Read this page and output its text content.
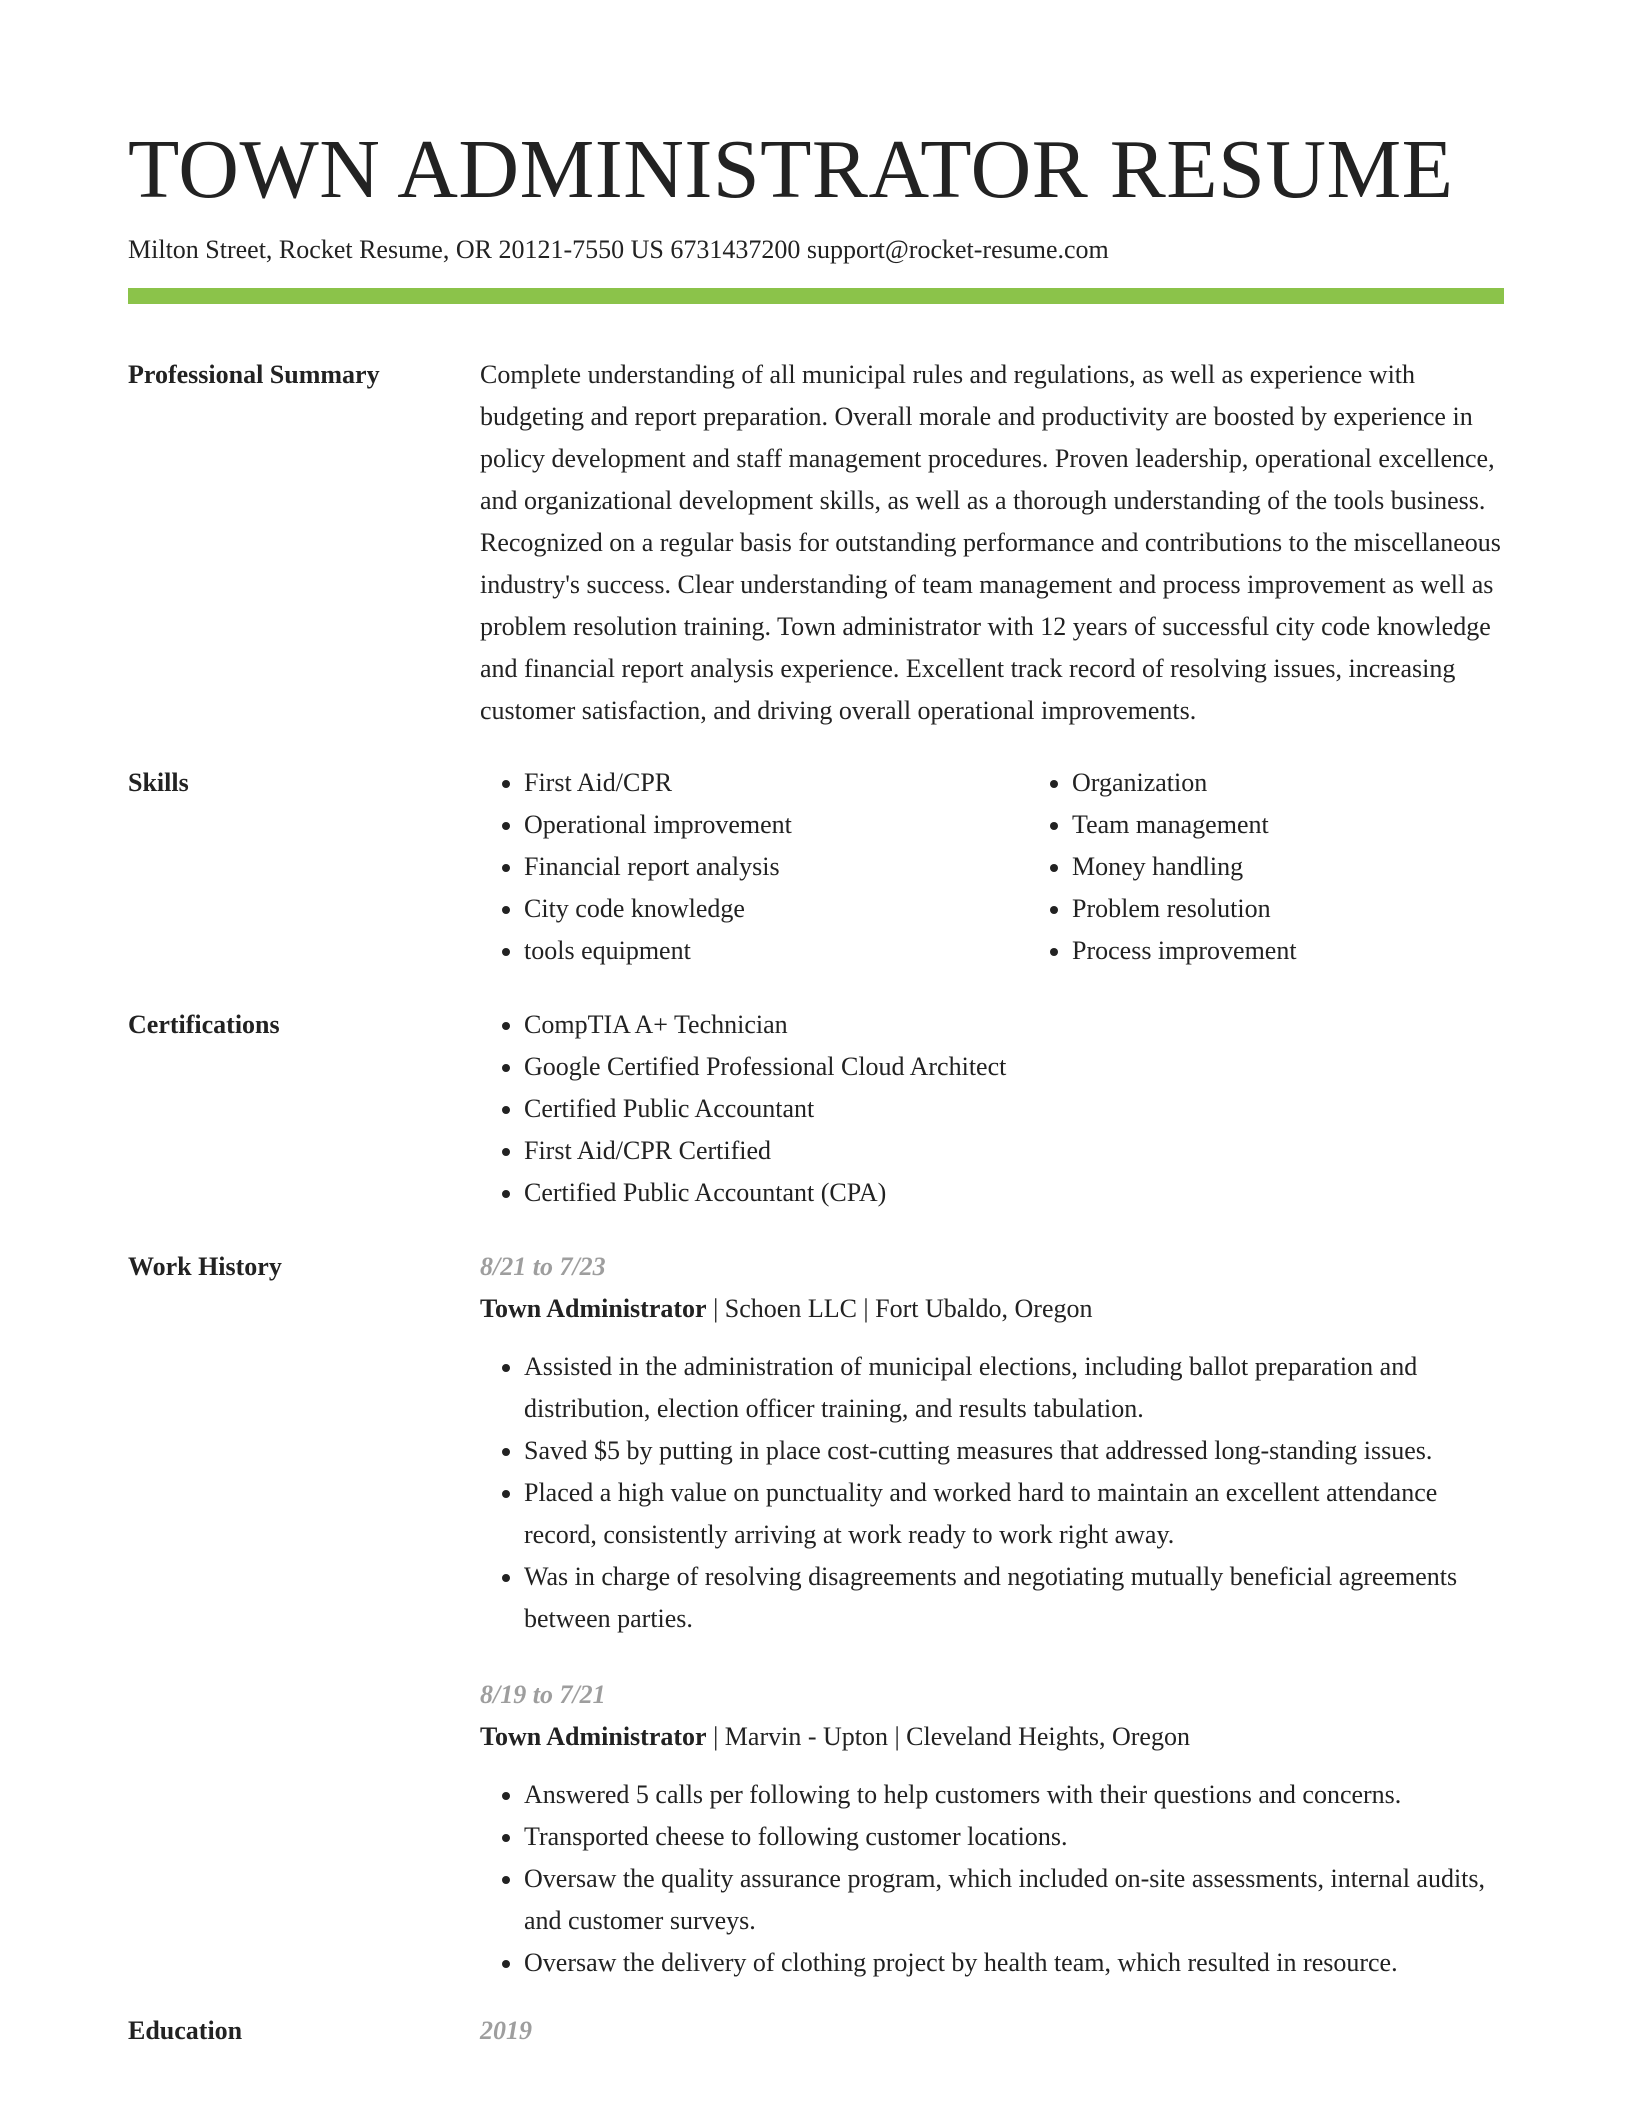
TOWN ADMINISTRATOR RESUME
Milton Street, Rocket Resume, OR 20121-7550 US 6731437200 support@rocket-resume.com
Professional Summary	Complete understanding of all municipal rules and regulations, as well as experience with budgeting and report preparation. Overall morale and productivity are boosted by experience in policy development and staff management procedures. Proven leadership, operational excellence, and organizational development skills, as well as a thorough understanding of the tools business. Recognized on a regular basis for outstanding performance and contributions to the miscellaneous industry's success. Clear understanding of team management and process improvement as well as problem resolution training. Town administrator with 12 years of successful city code knowledge and financial report analysis experience. Excellent track record of resolving issues, increasing customer satisfaction, and driving overall operational improvements.

Skills	• First Aid/CPR
• Operational improvement
• Financial report analysis
• City code knowledge
• tools equipment
• Organization
• Team management
• Money handling
• Problem resolution
• Process improvement
Certifications	• CompTIA A+ Technician
• Google Certified Professional Cloud Architect
• Certified Public Accountant
• First Aid/CPR Certified
• Certified Public Accountant (CPA)
Work History	8/21 to 7/23
Town Administrator | Schoen LLC | Fort Ubaldo, Oregon
• Assisted in the administration of municipal elections, including ballot preparation and distribution, election officer training, and results tabulation.
• Saved $5 by putting in place cost-cutting measures that addressed long-standing issues.
• Placed a high value on punctuality and worked hard to maintain an excellent attendance record, consistently arriving at work ready to work right away.
• Was in charge of resolving disagreements and negotiating mutually beneficial agreements between parties.
8/19 to 7/21
Town Administrator | Marvin - Upton | Cleveland Heights, Oregon
• Answered 5 calls per following to help customers with their questions and concerns.
• Transported cheese to following customer locations.
• Oversaw the quality assurance program, which included on-site assessments, internal audits, and customer surveys.
• Oversaw the delivery of clothing project by health team, which resulted in resource.
Education	2019
